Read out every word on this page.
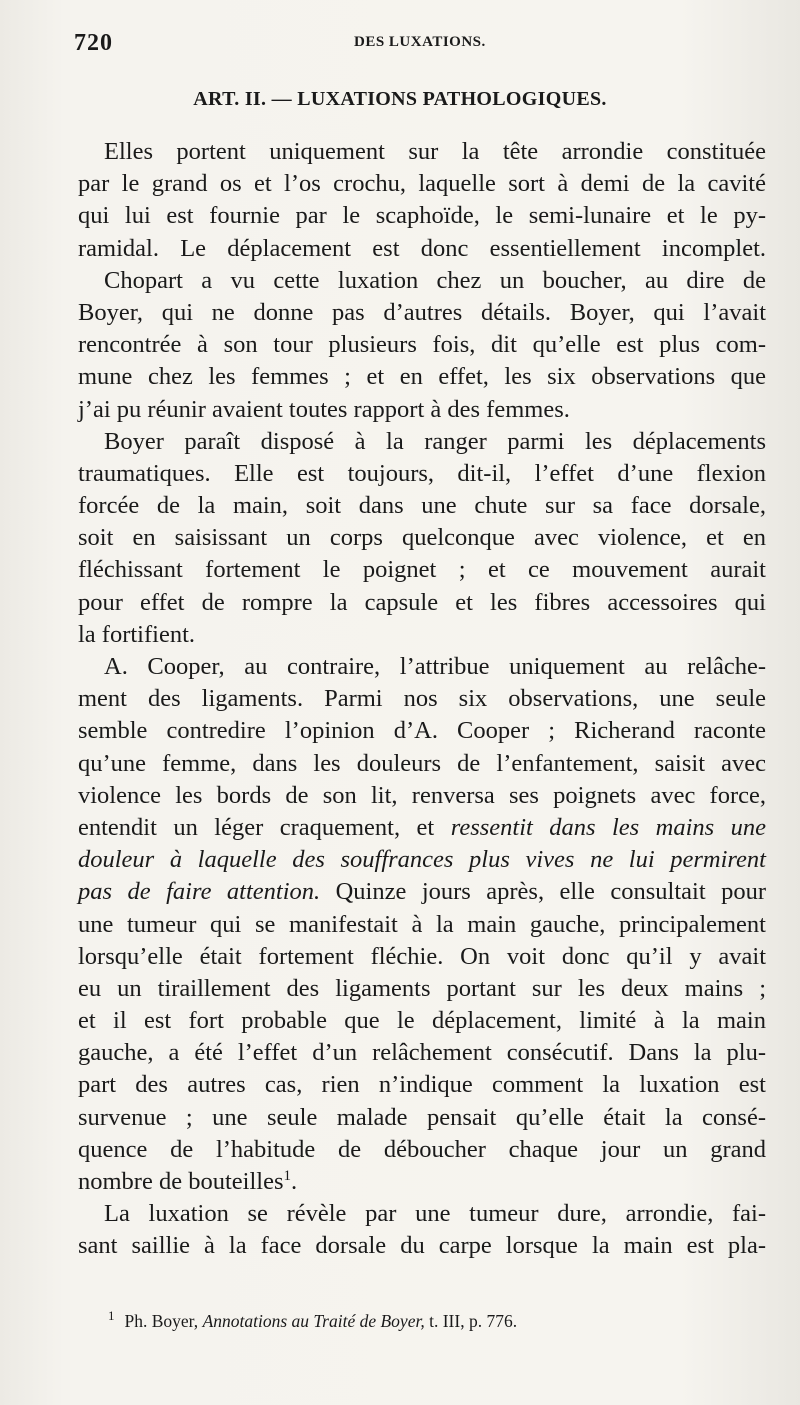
720	DES LUXATIONS.
ART. II. — LUXATIONS PATHOLOGIQUES.
Elles portent uniquement sur la tête arrondie constituée
par le grand os et l’os crochu, laquelle sort à demi de la cavité
qui lui est fournie par le scaphoïde, le semi-lunaire et le py-
ramidal. Le déplacement est donc essentiellement incomplet.
Chopart a vu cette luxation chez un boucher, au dire de
Boyer, qui ne donne pas d’autres détails. Boyer, qui l’avait
rencontrée à son tour plusieurs fois, dit qu’elle est plus com-
mune chez les femmes ; et en effet, les six observations que
j’ai pu réunir avaient toutes rapport à des femmes.
Boyer paraît disposé à la ranger parmi les déplacements
traumatiques. Elle est toujours, dit-il, l’effet d’une flexion
forcée de la main, soit dans une chute sur sa face dorsale,
soit en saisissant un corps quelconque avec violence, et en
fléchissant fortement le poignet ; et ce mouvement aurait
pour effet de rompre la capsule et les fibres accessoires qui
la fortifient.
A. Cooper, au contraire, l’attribue uniquement au relâche-
ment des ligaments. Parmi nos six observations, une seule
semble contredire l’opinion d’A. Cooper ; Richerand raconte
qu’une femme, dans les douleurs de l’enfantement, saisit avec
violence les bords de son lit, renversa ses poignets avec force,
entendit un léger craquement, et ressentit dans les mains une
douleur à laquelle des souffrances plus vives ne lui permirent
pas de faire attention. Quinze jours après, elle consultait pour
une tumeur qui se manifestait à la main gauche, principalement
lorsqu’elle était fortement fléchie. On voit donc qu’il y avait
eu un tiraillement des ligaments portant sur les deux mains ;
et il est fort probable que le déplacement, limité à la main
gauche, a été l’effet d’un relâchement consécutif. Dans la plu-
part des autres cas, rien n’indique comment la luxation est
survenue ; une seule malade pensait qu’elle était la consé-
quence de l’habitude de déboucher chaque jour un grand
nombre de bouteilles$^1$.
La luxation se révèle par une tumeur dure, arrondie, fai-
sant saillie à la face dorsale du carpe lorsque la main est pla-
$^1$ Ph. Boyer, Annotations au Traité de Boyer, t. III, p. 776.
